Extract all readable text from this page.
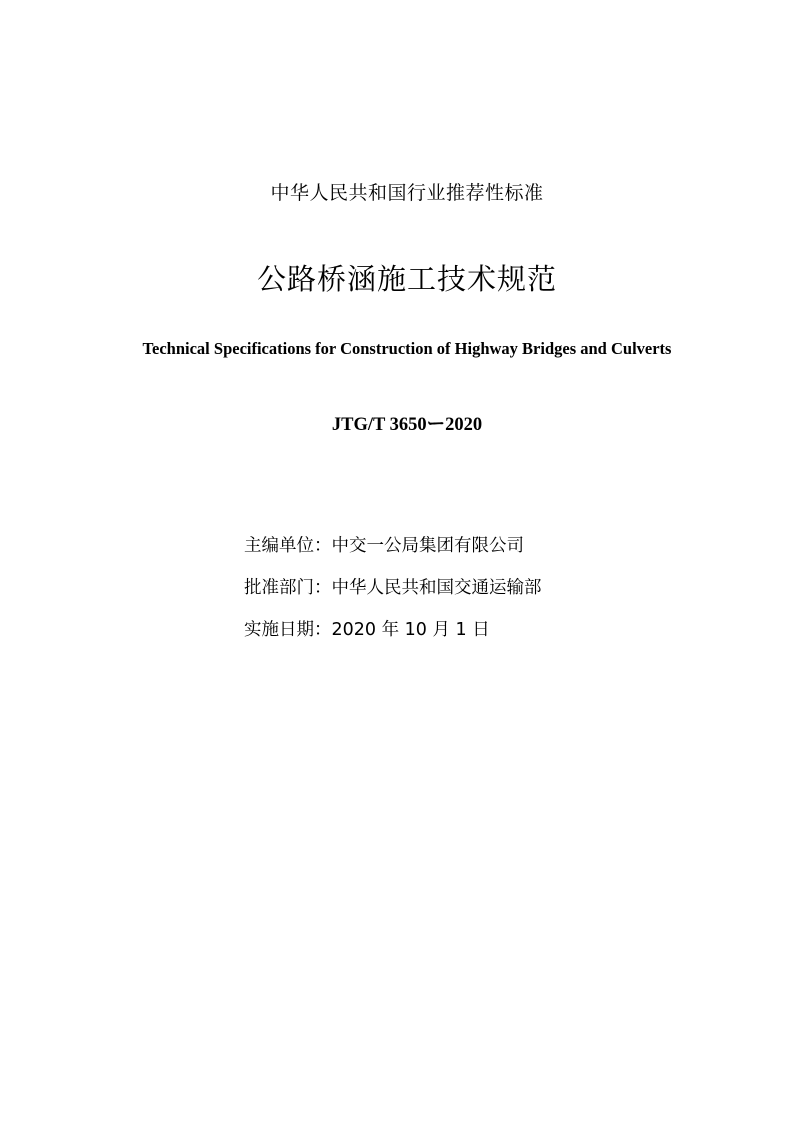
中华人民共和国行业推荐性标准
公路桥涵施工技术规范
Technical Specifications for Construction of Highway Bridges and Culverts
JTG/T 3650ー2020
主编单位：中交一公局集团有限公司
批准部门：中华人民共和国交通运输部
实施日期：2020 年 10 月 1 日
